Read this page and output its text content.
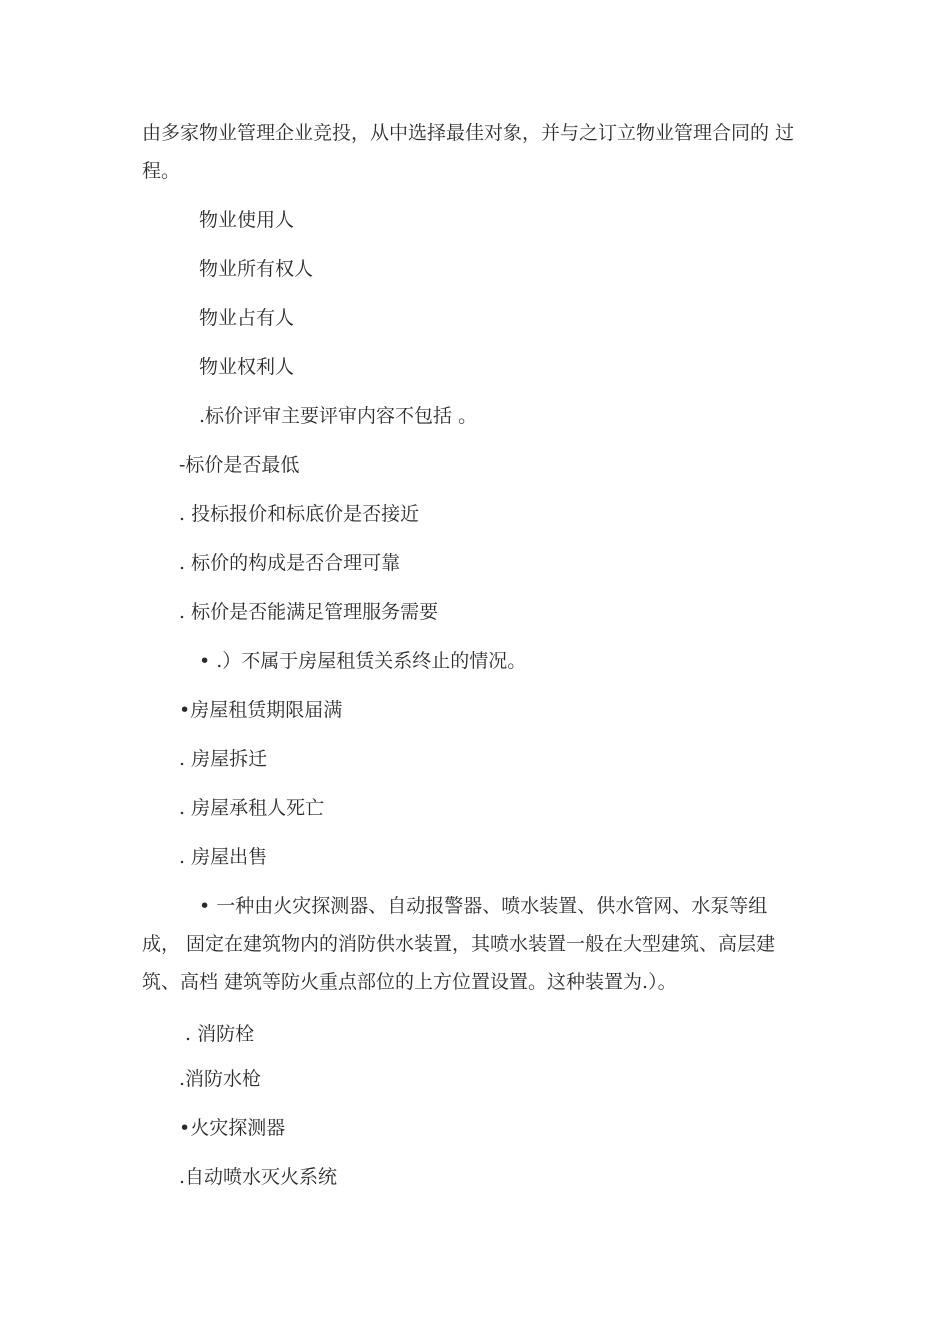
由多家物业管理企业竞投，从中选择最佳对象，并与之订立物业管理合同的 过
程。
物业使用人
物业所有权人
物业占有人
物业权利人
.标价评审主要评审内容不包括 。
-标价是否最低
. 投标报价和标底价是否接近
. 标价的构成是否合理可靠
. 标价是否能满足管理服务需要
• .）不属于房屋租赁关系终止的情况。
•房屋租赁期限届满
. 房屋拆迁
. 房屋承租人死亡
. 房屋出售
• 一种由火灾探测器、自动报警器、喷水装置、供水管网、水泵等组
成， 固定在建筑物内的消防供水装置，其喷水装置一般在大型建筑、高层建
筑、高档 建筑等防火重点部位的上方位置设置。这种装置为.）。
. 消防栓
.消防水枪
•火灾探测器
.自动喷水灭火系统
